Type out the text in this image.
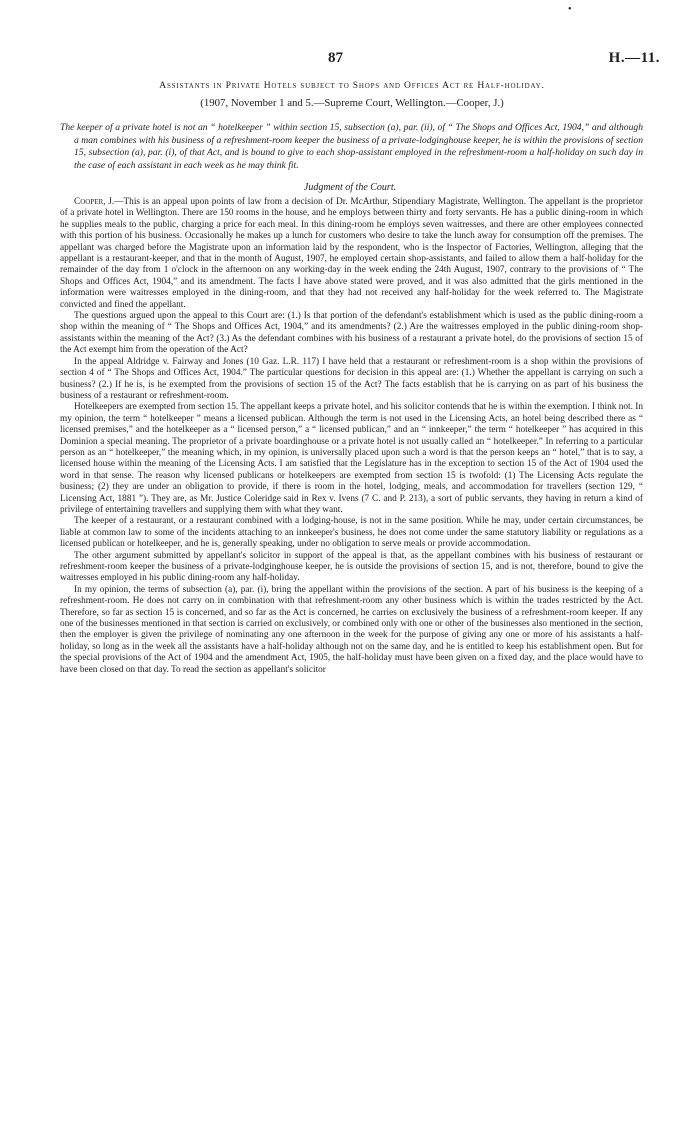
•
87	H.—11.
Assistants in Private Hotels subject to Shops and Offices Act re Half-holiday.
(1907, November 1 and 5.—Supreme Court, Wellington.—Cooper, J.)
The keeper of a private hotel is not an “ hotelkeeper ” within section 15, subsection (a), par. (ii), of “ The Shops and Offices Act, 1904,” and although a man combines with his business of a refreshment-room keeper the business of a private-lodginghouse keeper, he is within the provisions of section 15, subsection (a), par. (i), of that Act, and is bound to give to each shop-assistant employed in the refreshment-room a half-holiday on such day in the case of each assistant in each week as he may think fit.
Judgment of the Court.

Cooper, J.—This is an appeal upon points of law from a decision of Dr. McArthur, Stipendiary Magistrate, Wellington. The appellant is the proprietor of a private hotel in Wellington. There are 150 rooms in the house, and he employs between thirty and forty servants. He has a public dining-room in which he supplies meals to the public, charging a price for each meal. In this dining-room he employs seven waitresses, and there are other employees connected with this portion of his business. Occasionally he makes up a lunch for customers who desire to take the lunch away for consumption off the premises. The appellant was charged before the Magistrate upon an information laid by the respondent, who is the Inspector of Factories, Wellington, alleging that the appellant is a restaurant-keeper, and that in the month of August, 1907, he employed certain shop-assistants, and failed to allow them a half-holiday for the remainder of the day from 1 o'clock in the afternoon on any working-day in the week ending the 24th August, 1907, contrary to the provisions of “ The Shops and Offices Act, 1904,” and its amendment. The facts I have above stated were proved, and it was also admitted that the girls mentioned in the information were waitresses employed in the dining-room, and that they had not received any half-holiday for the week referred to. The Magistrate convicted and fined the appellant.

The questions argued upon the appeal to this Court are: (1.) Is that portion of the defendant's establishment which is used as the public dining-room a shop within the meaning of “ The Shops and Offices Act, 1904,” and its amendments? (2.) Are the waitresses employed in the public dining-room shop-assistants within the meaning of the Act? (3.) As the defendant combines with his business of a restaurant a private hotel, do the provisions of section 15 of the Act exempt him from the operation of the Act?

In the appeal Aldridge v. Fairway and Jones (10 Gaz. L.R. 117) I have held that a restaurant or refreshment-room is a shop within the provisions of section 4 of “ The Shops and Offices Act, 1904.” The particular questions for decision in this appeal are: (1.) Whether the appellant is carrying on such a business? (2.) If he is, is he exempted from the provisions of section 15 of the Act? The facts establish that he is carrying on as part of his business the business of a restaurant or refreshment-room.

Hotelkeepers are exempted from section 15. The appellant keeps a private hotel, and his solicitor contends that he is within the exemption. I think not. In my opinion, the term “ hotelkeeper ” means a licensed publican. Although the term is not used in the Licensing Acts, an hotel being described there as “ licensed premises,” and the hotelkeeper as a “ licensed person,” a “ licensed publican,” and an “ innkeeper,” the term “ hotelkeeper ” has acquired in this Dominion a special meaning. The proprietor of a private boardinghouse or a private hotel is not usually called an “ hotelkeeper.” In referring to a particular person as an “ hotelkeeper,” the meaning which, in my opinion, is universally placed upon such a word is that the person keeps an “ hotel,” that is to say, a licensed house within the meaning of the Licensing Acts. I am satisfied that the Legislature has in the exception to section 15 of the Act of 1904 used the word in that sense. The reason why licensed publicans or hotelkeepers are exempted from section 15 is twofold: (1) The Licensing Acts regulate the business; (2) they are under an obligation to provide, if there is room in the hotel, lodging, meals, and accommodation for travellers (section 129, “ Licensing Act, 1881 ”). They are, as Mr. Justice Coleridge said in Rex v. Ivens (7 C. and P. 213), a sort of public servants, they having in return a kind of privilege of entertaining travellers and supplying them with what they want.

The keeper of a restaurant, or a restaurant combined with a lodging-house, is not in the same position. While he may, under certain circumstances, be liable at common law to some of the incidents attaching to an innkeeper's business, he does not come under the same statutory liability or regulations as a licensed publican or hotelkeeper, and he is, generally speaking, under no obligation to serve meals or provide accommodation.

The other argument submitted by appellant's solicitor in support of the appeal is that, as the appellant combines with his business of restaurant or refreshment-room keeper the business of a private-lodginghouse keeper, he is outside the provisions of section 15, and is not, therefore, bound to give the waitresses employed in his public dining-room any half-holiday.

In my opinion, the terms of subsection (a), par. (i), bring the appellant within the provisions of the section. A part of his business is the keeping of a refreshment-room. He does not carry on in combination with that refreshment-room any other business which is within the trades restricted by the Act. Therefore, so far as section 15 is concerned, and so far as the Act is concerned, he carries on exclusively the business of a refreshment-room keeper. If any one of the businesses mentioned in that section is carried on exclusively, or combined only with one or other of the businesses also mentioned in the section, then the employer is given the privilege of nominating any one afternoon in the week for the purpose of giving any one or more of his assistants a half-holiday, so long as in the week all the assistants have a half-holiday although not on the same day, and he is entitled to keep his establishment open. But for the special provisions of the Act of 1904 and the amendment Act, 1905, the half-holiday must have been given on a fixed day, and the place would have to have been closed on that day. To read the section as appellant's solicitor
